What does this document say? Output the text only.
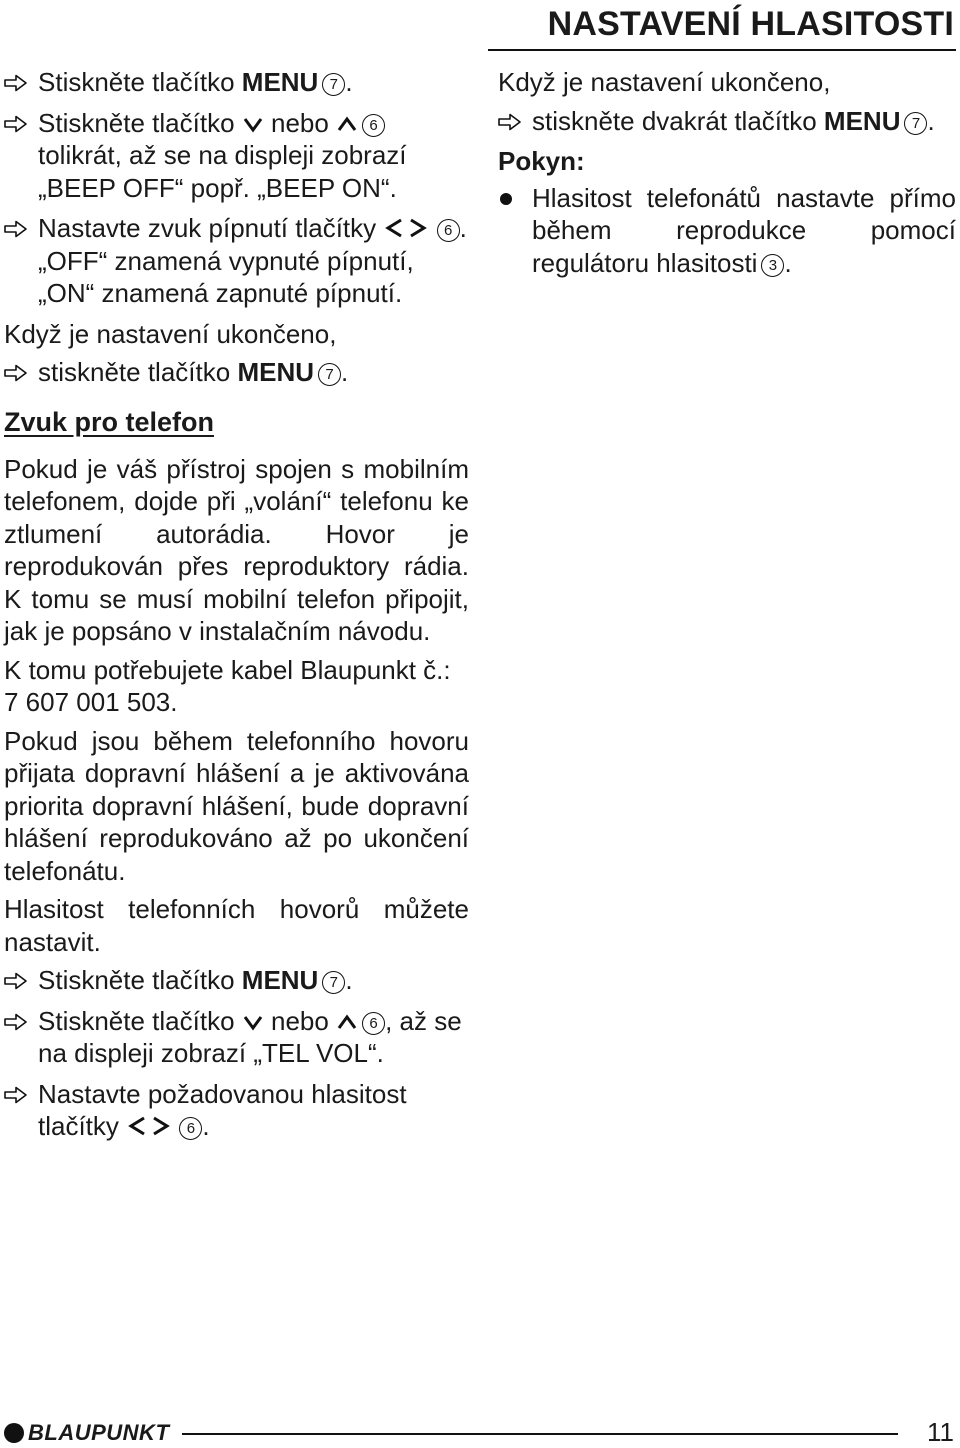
NASTAVENÍ HLASITOSTI
Stiskněte tlačítko MENU 7 .
Stiskněte tlačítko nebo	6 tolikrát, až se na displeji zobrazí „BEEP OFF“ popř. „BEEP ON“.
Nastavte zvuk pípnutí tlačítky	6 . „OFF“ znamená vypnuté pípnutí, „ON“ znamená zapnuté pípnutí.

Když je nastavení ukončeno,

stiskněte tlačítko MENU 7 .
Zvuk pro telefon

Pokud je váš přístroj spojen s mobilním telefonem, dojde při „volání“ telefonu ke ztlumení autorádia. Hovor je reprodukován přes reproduktory rádia. K tomu se musí mobilní telefon připojit, jak je popsáno v instalačním návodu.

K tomu potřebujete kabel Blaupunkt č.: 7 607 001 503.

Pokud jsou během telefonního hovoru přijata dopravní hlášení a je aktivována priorita dopravní hlášení, bude dopravní hlášení reprodukováno až po ukončení telefonátu.

Hlasitost telefonních hovorů můžete nastavit.

Stiskněte tlačítko MENU 7 .
Stiskněte tlačítko nebo	6 , až se na displeji zobrazí „TEL VOL“.
Nastavte požadovanou hlasitost
tlačítky	6 .

Když je nastavení ukončeno,

stiskněte dvakrát tlačítko MENU 7 .

Pokyn:

Hlasitost telefonátů nastavte přímo během reprodukce pomocí regulátoru hlasitosti 3 .
BLAUPUNKT	11
